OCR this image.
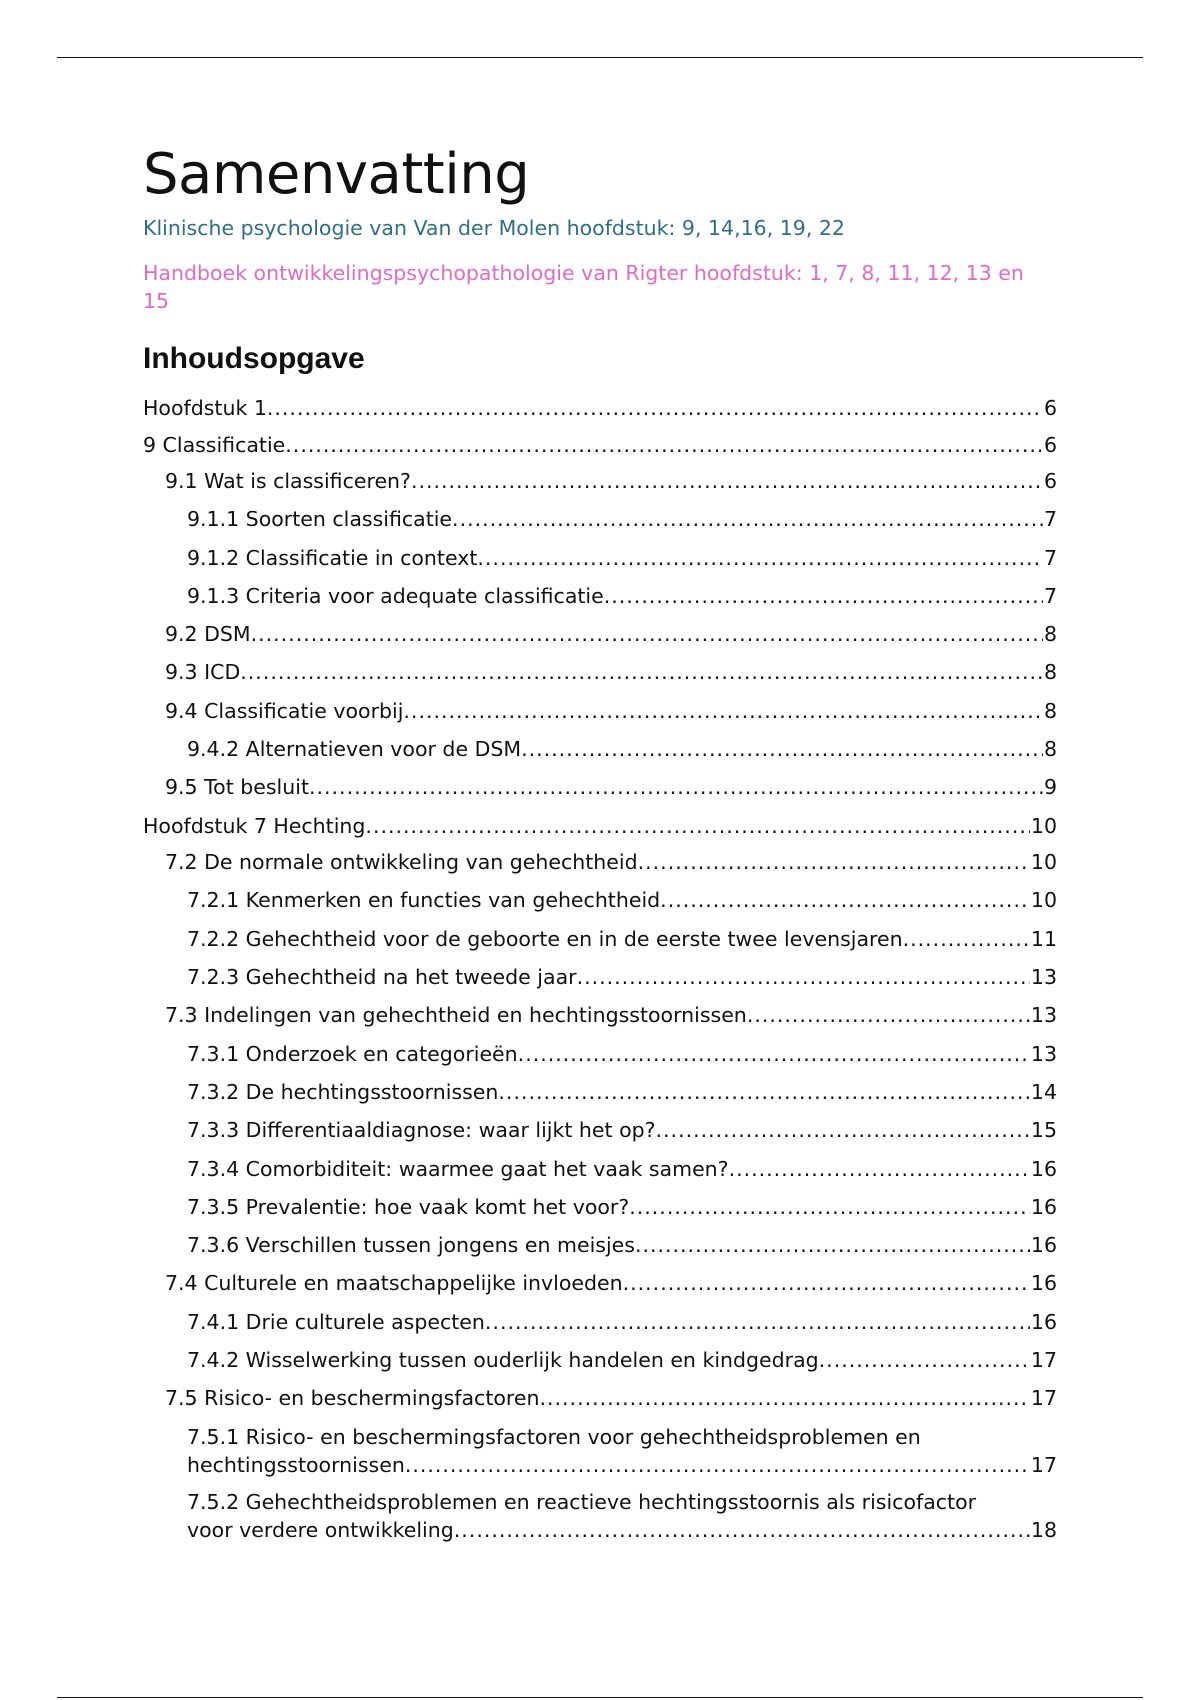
Samenvatting

Klinische psychologie van Van der Molen hoofdstuk: 9, 14,16, 19, 22

Handboek ontwikkelingspsychopathologie van Rigter hoofdstuk: 1, 7, 8, 11, 12, 13 en 15

Inhoudsopgave
Hoofdstuk 1 .....	6
9 Classificatie .....	6
9.1 Wat is classificeren? .....	6
9.1.1 Soorten classificatie .....	7
9.1.2 Classificatie in context .....	7
9.1.3 Criteria voor adequate classificatie .....	7
9.2 DSM .....	8
9.3 ICD .....	8
9.4 Classificatie voorbij .....	8
9.4.2 Alternatieven voor de DSM .....	8
9.5 Tot besluit .....	9
Hoofdstuk 7 Hechting .....	10
7.2 De normale ontwikkeling van gehechtheid .....	10
7.2.1 Kenmerken en functies van gehechtheid .....	10
7.2.2 Gehechtheid voor de geboorte en in de eerste twee levensjaren .....	11
7.2.3 Gehechtheid na het tweede jaar .....	13
7.3 Indelingen van gehechtheid en hechtingsstoornissen .....	13
7.3.1 Onderzoek en categorieën .....	13
7.3.2 De hechtingsstoornissen .....	14
7.3.3 Differentiaaldiagnose: waar lijkt het op? .....	15
7.3.4 Comorbiditeit: waarmee gaat het vaak samen? .....	16
7.3.5 Prevalentie: hoe vaak komt het voor? .....	16
7.3.6 Verschillen tussen jongens en meisjes .....	16
7.4 Culturele en maatschappelijke invloeden .....	16
7.4.1 Drie culturele aspecten .....	16
7.4.2 Wisselwerking tussen ouderlijk handelen en kindgedrag .....	17
7.5 Risico- en beschermingsfactoren .....	17
7.5.1 Risico- en beschermingsfactoren voor gehechtheidsproblemen en
hechtingsstoornissen .....	17
7.5.2 Gehechtheidsproblemen en reactieve hechtingsstoornis als risicofactor
voor verdere ontwikkeling .....	18
